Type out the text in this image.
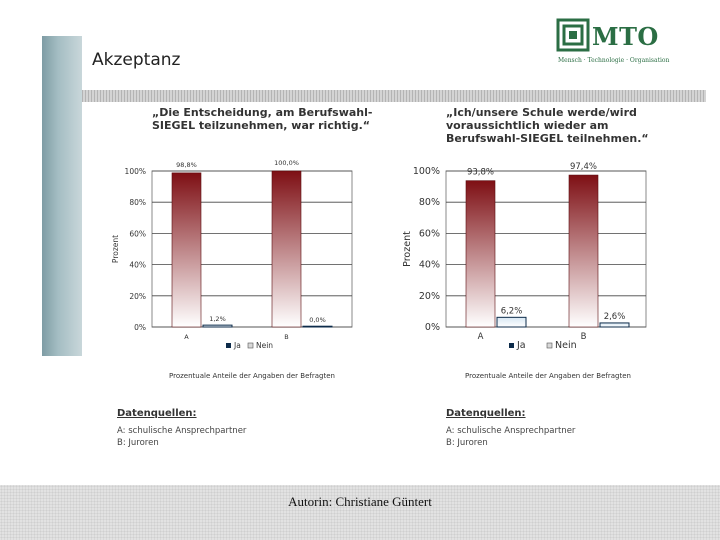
Akzeptanz
MTO
Mensch · Technologie · Organisation
„Die Entscheidung, am Berufswahl-SIEGEL teilzunehmen, war richtig.“
„Ich/unsere Schule werde/wird voraussichtlich wieder am Berufswahl-SIEGEL teilnehmen.“
0%
20%
40%
60%
80%
100%
Prozent
98,8%
1,2%
A
100,0%
0,0%
B
Ja Nein
Prozentuale Anteile der Angaben der Befragten
0%
20%
40%
60%
80%
100%
Prozent
93,8%
6,2%
A
97,4%
2,6%
B
Ja	Nein
Prozentuale Anteile der Angaben der Befragten
Datenquellen:
A: schulische Ansprechpartner
B: Juroren
Datenquellen:
A: schulische Ansprechpartner
B: Juroren
Autorin: Christiane Güntert
